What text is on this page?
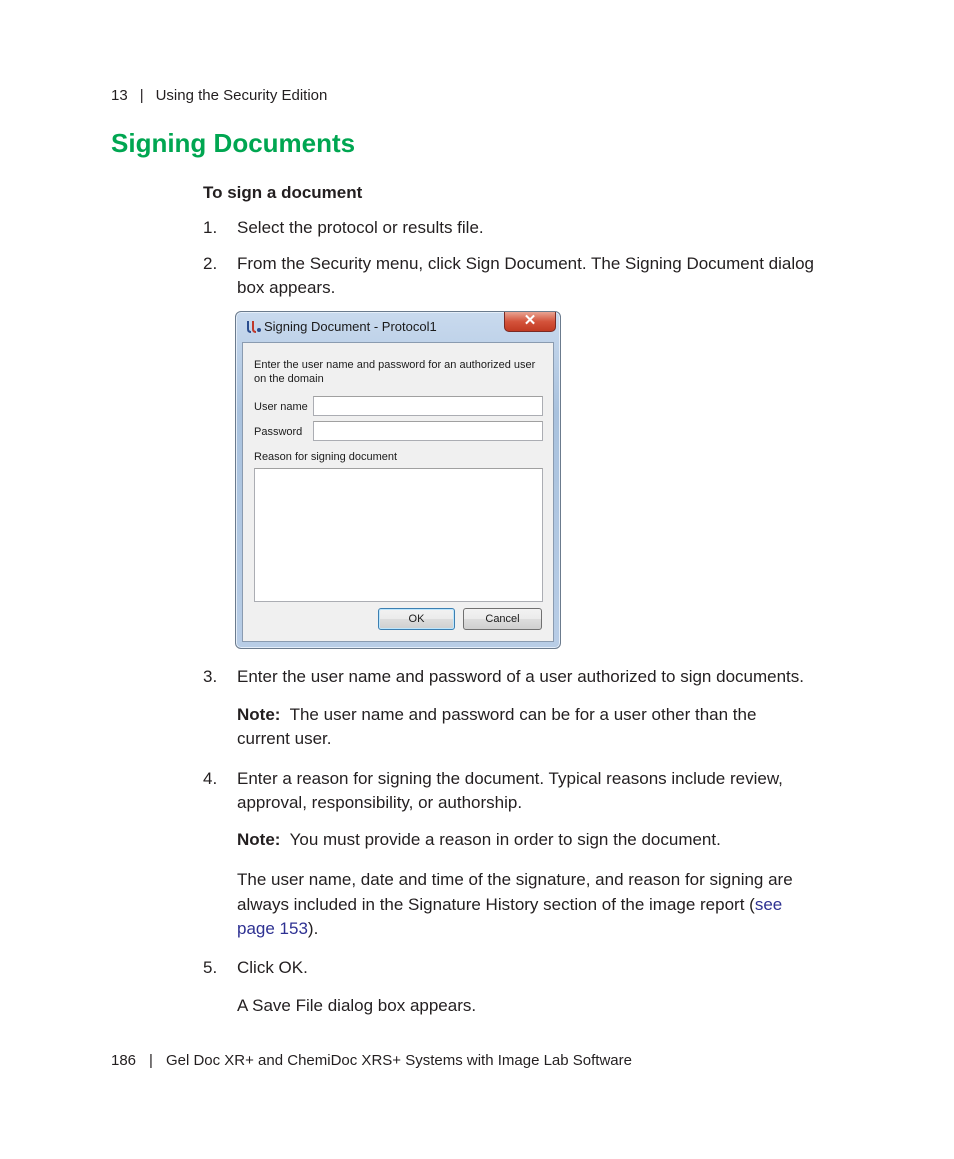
13 | Using the Security Edition
Signing Documents
To sign a document
1. Select the protocol or results file.
2. From the Security menu, click Sign Document. The Signing Document dialog box appears.
Signing Document - Protocol1	✕
Enter the user name and password for an authorized user on the domain
User name
Password
Reason for signing document
OK	Cancel
3. Enter the user name and password of a user authorized to sign documents.
Note: The user name and password can be for a user other than the current user.
4. Enter a reason for signing the document. Typical reasons include review, approval, responsibility, or authorship.
Note: You must provide a reason in order to sign the document.
The user name, date and time of the signature, and reason for signing are always included in the Signature History section of the image report (see page 153).
5. Click OK.
A Save File dialog box appears.
186 | Gel Doc XR+ and ChemiDoc XRS+ Systems with Image Lab Software
